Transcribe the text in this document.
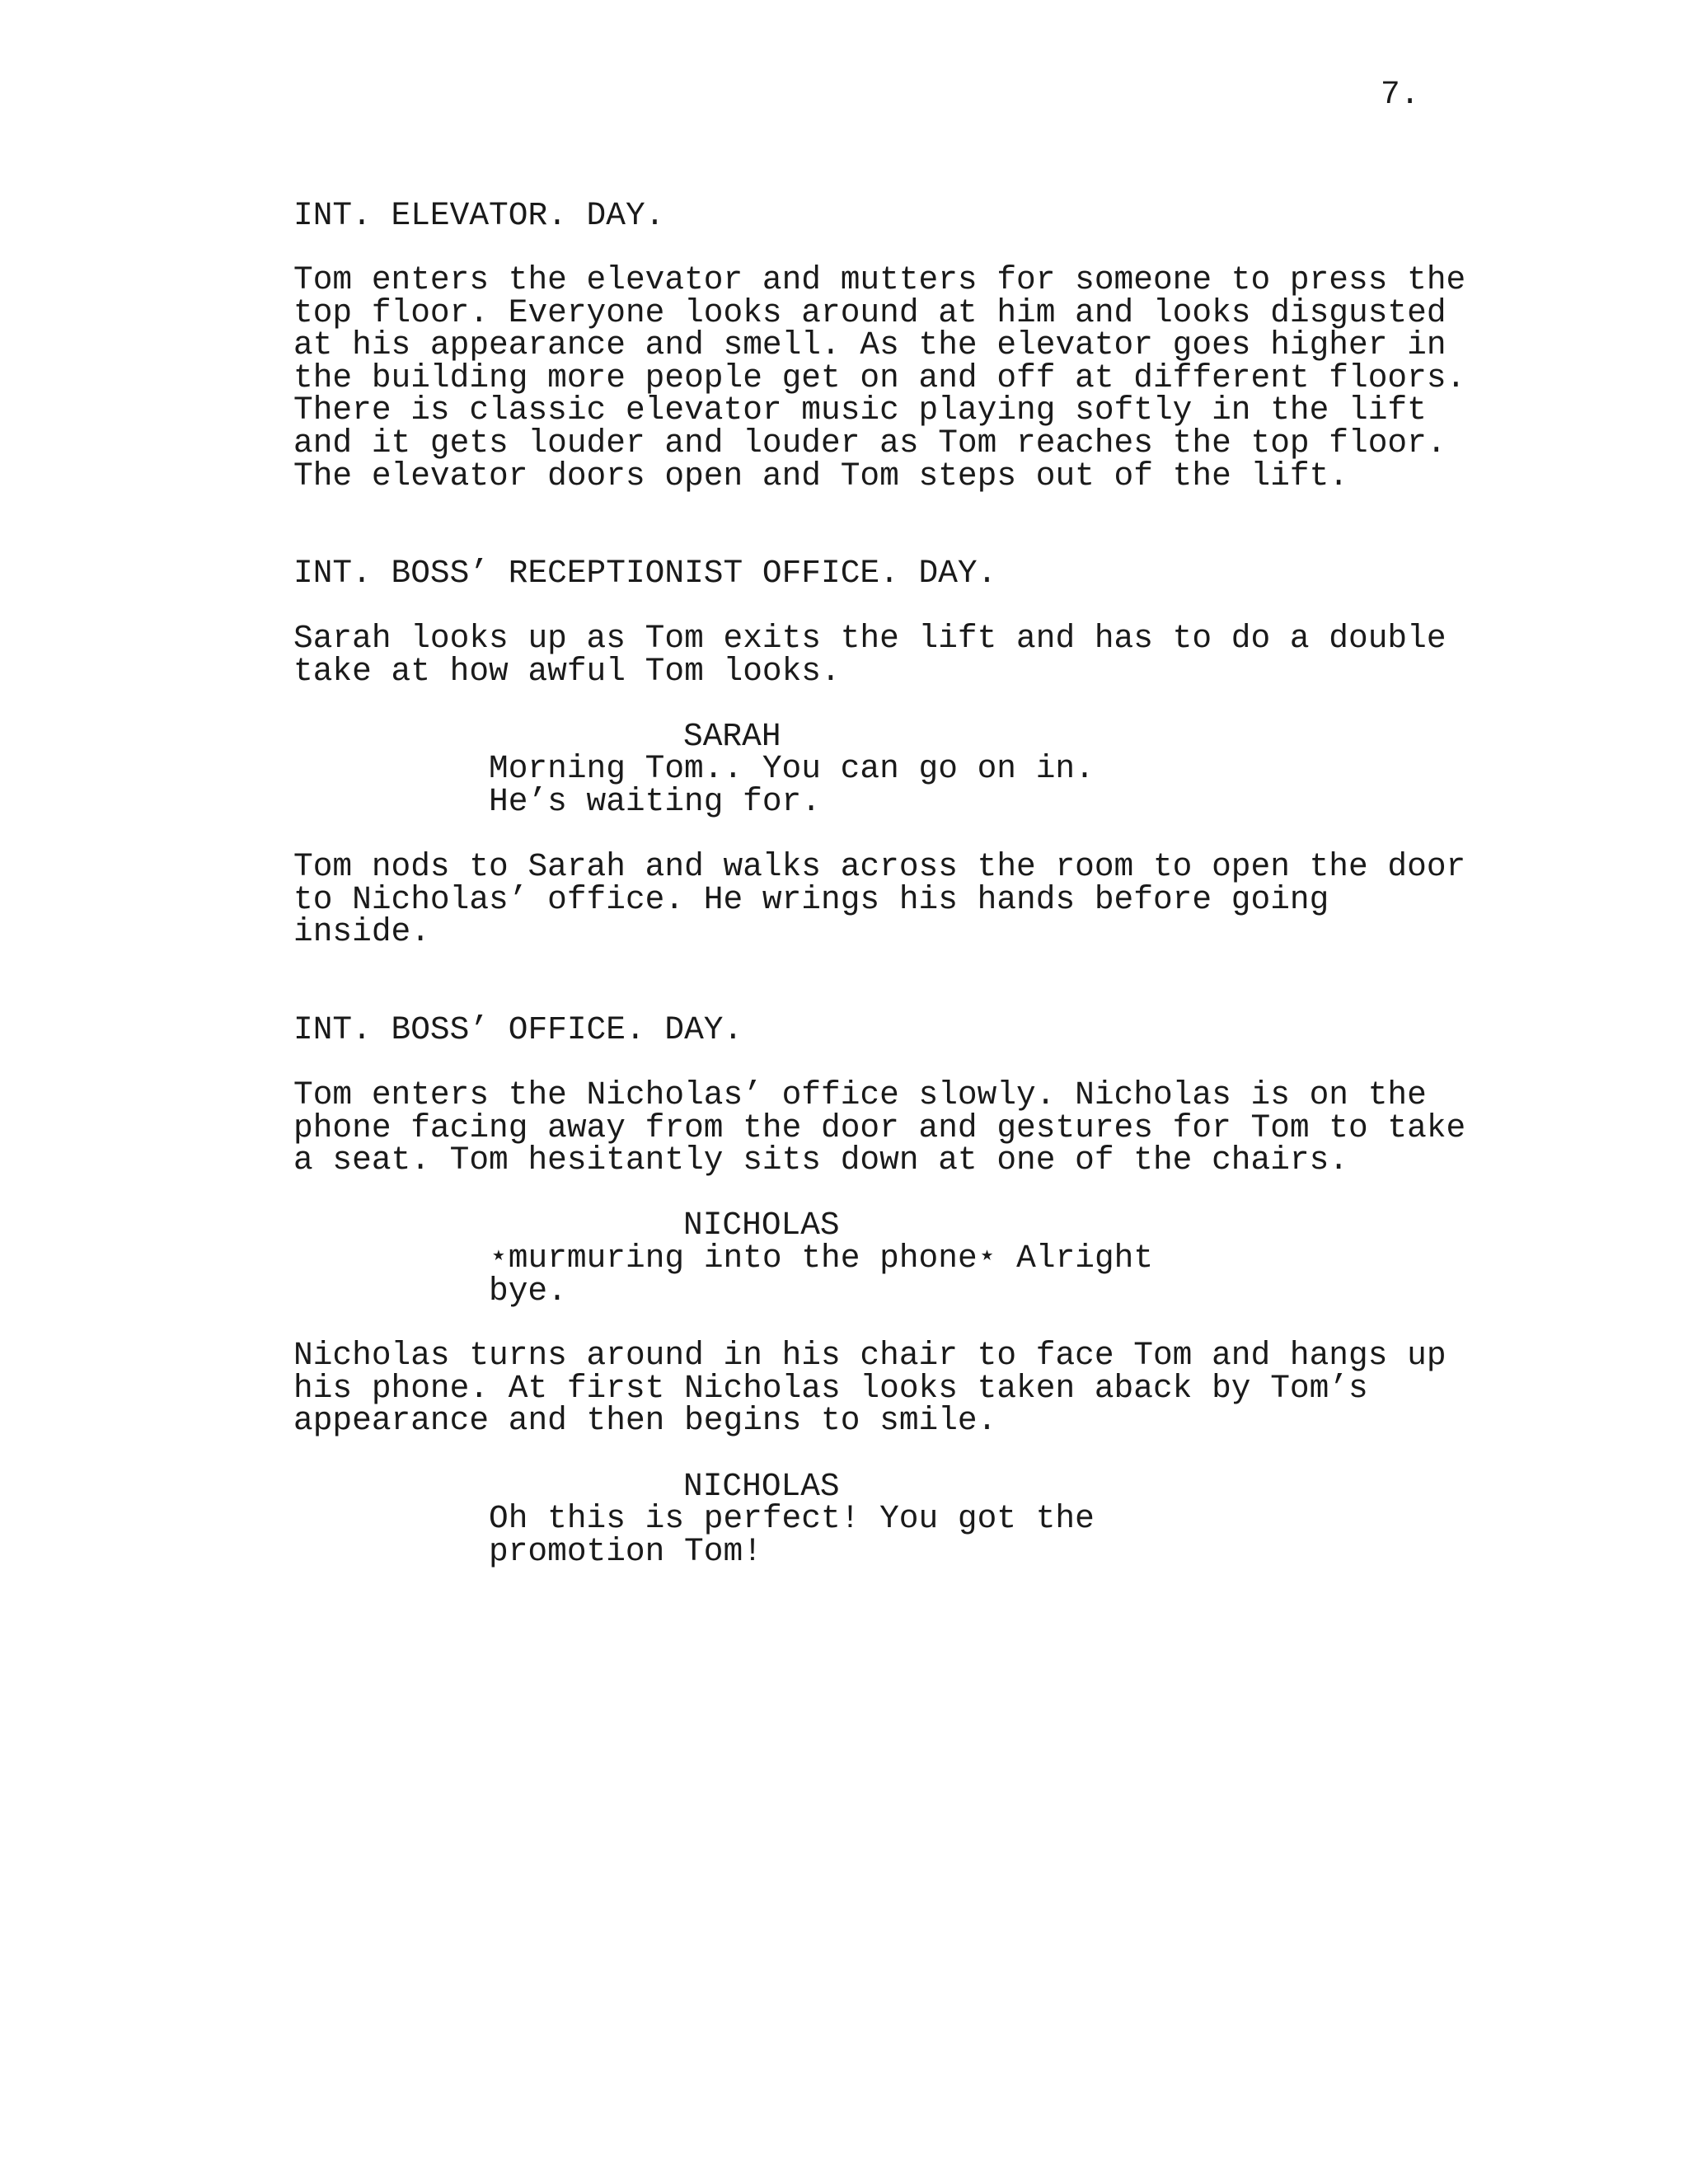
7.
INT. ELEVATOR. DAY.
Tom enters the elevator and mutters for someone to press the
top floor. Everyone looks around at him and looks disgusted
at his appearance and smell. As the elevator goes higher in
the building more people get on and off at different floors.
There is classic elevator music playing softly in the lift
and it gets louder and louder as Tom reaches the top floor.
The elevator doors open and Tom steps out of the lift.
INT. BOSS’ RECEPTIONIST OFFICE. DAY.
Sarah looks up as Tom exits the lift and has to do a double
take at how awful Tom looks.
SARAH
Morning Tom.. You can go on in.
He’s waiting for.
Tom nods to Sarah and walks across the room to open the door
to Nicholas’ office. He wrings his hands before going
inside.
INT. BOSS’ OFFICE. DAY.
Tom enters the Nicholas’ office slowly. Nicholas is on the
phone facing away from the door and gestures for Tom to take
a seat. Tom hesitantly sits down at one of the chairs.
NICHOLAS
⋆murmuring into the phone⋆ Alright
bye.
Nicholas turns around in his chair to face Tom and hangs up
his phone. At first Nicholas looks taken aback by Tom’s
appearance and then begins to smile.
NICHOLAS
Oh this is perfect! You got the
promotion Tom!
